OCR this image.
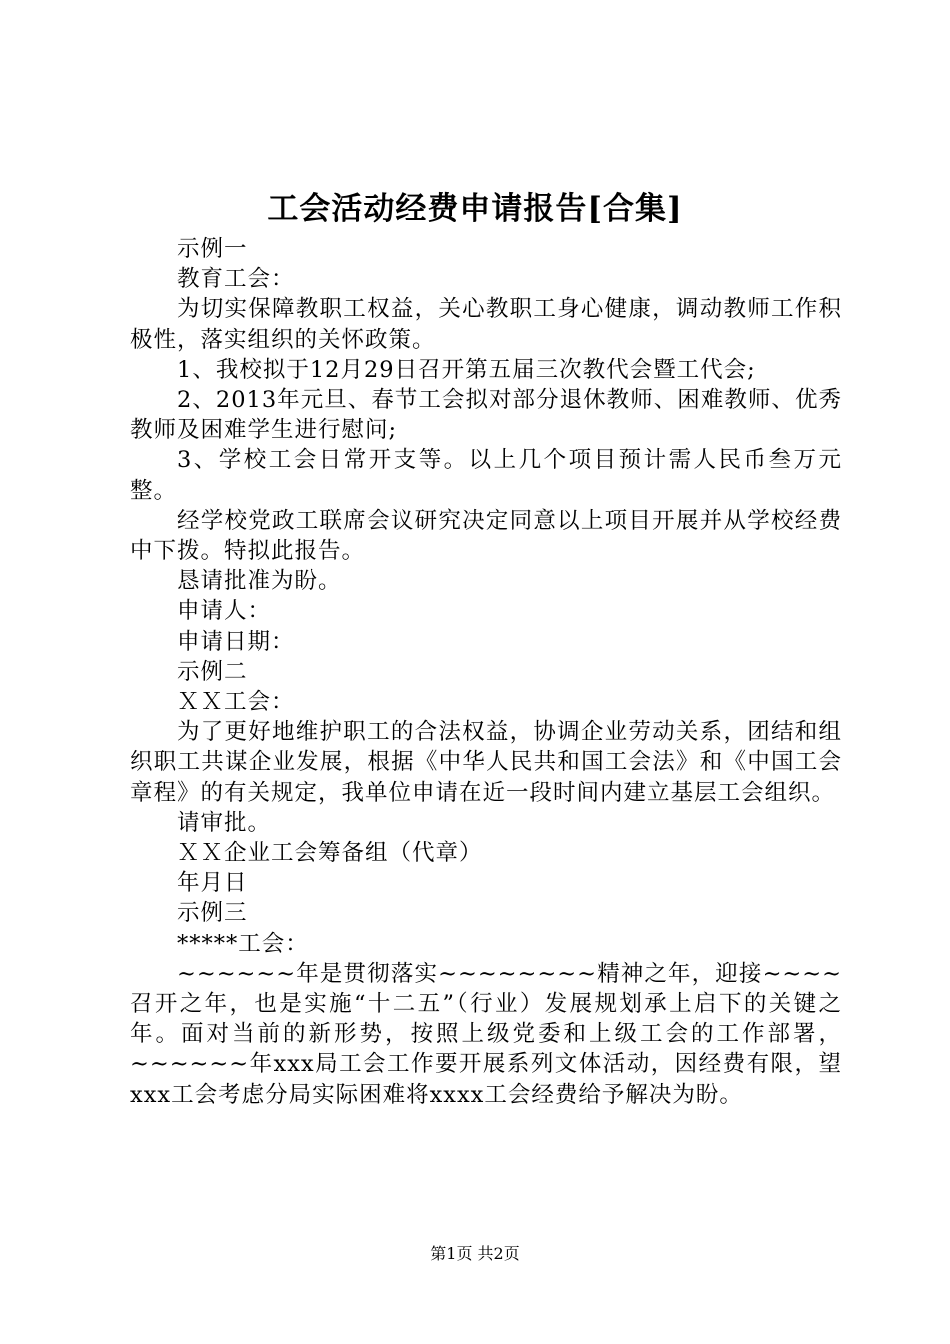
工会活动经费申请报告[合集]

示例一

教育工会：

为切实保障教职工权益，关心教职工身心健康，调动教师工作积极性，落实组织的关怀政策。

1、我校拟于12月29日召开第五届三次教代会暨工代会;

2、2013年元旦、春节工会拟对部分退休教师、困难教师、优秀教师及困难学生进行慰问;

3、学校工会日常开支等。以上几个项目预计需人民币叁万元整。

经学校党政工联席会议研究决定同意以上项目开展并从学校经费中下拨。特拟此报告。

恳请批准为盼。

申请人：

申请日期：

示例二

ＸＸ工会：

为了更好地维护职工的合法权益，协调企业劳动关系，团结和组织职工共谋企业发展，根据《中华人民共和国工会法》和《中国工会章程》的有关规定，我单位申请在近一段时间内建立基层工会组织。

请审批。

ＸＸ企业工会筹备组（代章）

年月日

示例三

*****工会：

~~~~~~年是贯彻落实~~~~~~~~精神之年，迎接~~~~召开之年，也是实施“十二五”（行业）发展规划承上启下的关键之年。面对当前的新形势，按照上级党委和上级工会的工作部署，~~~~~~年xxx局工会工作要开展系列文体活动，因经费有限，望xxx工会考虑分局实际困难将xxxx工会经费给予解决为盼。

第1页 共2页
